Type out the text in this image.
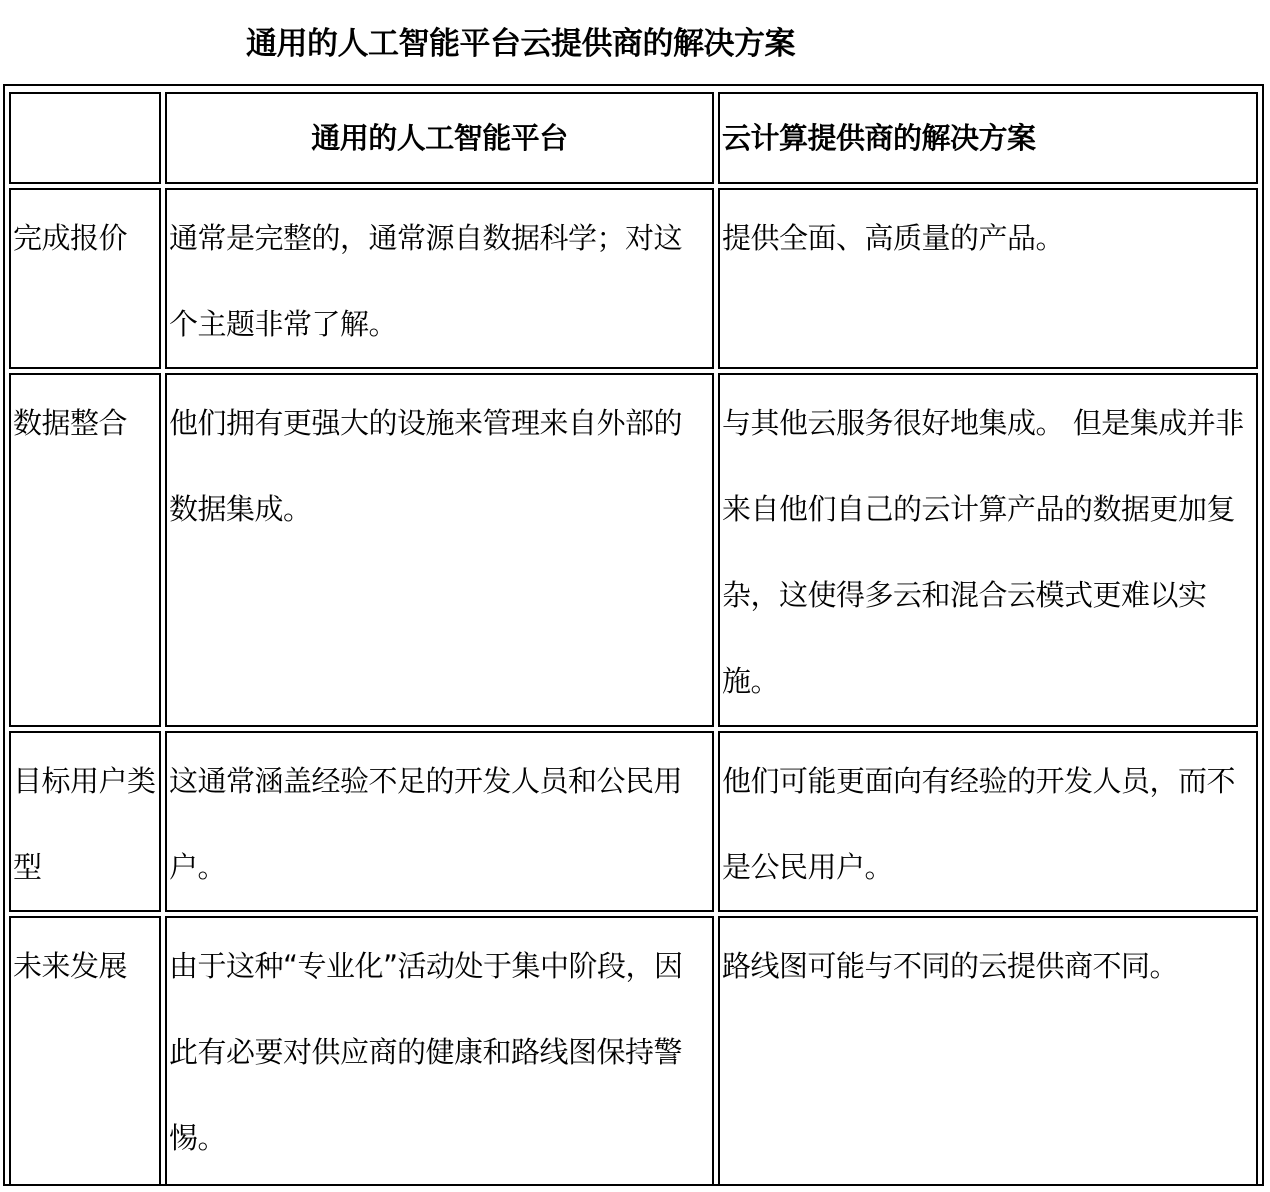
通用的人工智能平台云提供商的解决方案
	通用的人工智能平台	云计算提供商的解决方案

完成报价	通常是完整的，通常源自数据科学；对这个主题非常了解。	提供全面、高质量的产品。

数据整合	他们拥有更强大的设施来管理来自外部的数据集成。	与其他云服务很好地集成。 但是集成并非来自他们自己的云计算产品的数据更加复杂，这使得多云和混合云模式更难以实施。

目标用户类型	这通常涵盖经验不足的开发人员和公民用户。	他们可能更面向有经验的开发人员，而不是公民用户。

未来发展	由于这种“专业化”活动处于集中阶段，因此有必要对供应商的健康和路线图保持警惕。	路线图可能与不同的云提供商不同。
